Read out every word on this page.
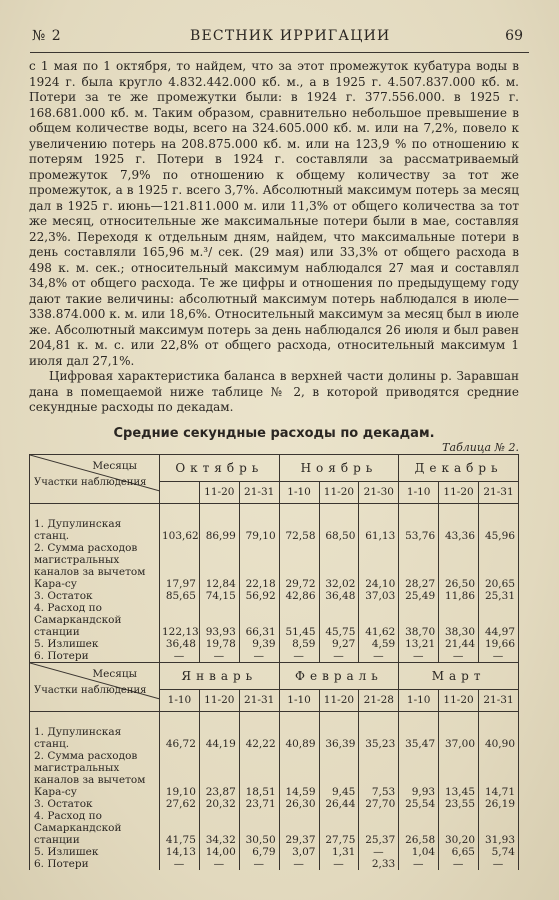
№ 2	ВЕСТНИК ИРРИГАЦИИ	69

с 1 мая по 1 октября, то найдем, что за этот промежуток кубатура воды в 1924 г. была кругло 4.832.442.000 кб. м., а в 1925 г. 4.507.837.000 кб. м. Потери за те же промежутки были: в 1924 г. 377.556.000. в 1925 г. 168.681.000 кб. м. Таким образом, сравнительно небольшое превышение в общем количестве воды, всего на 324.605.000 кб. м. или на 7,2%, повело к увеличению потерь на 208.875.000 кб. м. или на 123,9 % по отношению к потерям 1925 г. Потери в 1924 г. составляли за рассматриваемый промежуток 7,9% по отношению к общему количеству за тот же промежуток, а в 1925 г. всего 3,7%. Абсолютный максимум потерь за месяц дал в 1925 г. июнь—121.811.000 м. или 11,3% от общего количества за тот же месяц, относительные же максимальные потери были в мае, составляя 22,3%. Переходя к отдельным дням, найдем, что максимальные потери в день составляли 165,96 м.³/ сек. (29 мая) или 33,3% от общего расхода в 498 к. м. сек.; относительный максимум наблюдался 27 мая и составлял 34,8% от общего расхода. Те же цифры и отношения по предыдущему году дают такие величины: абсолютный максимум потерь наблюдался в июле—338.874.000 к. м. или 18,6%. Относительный максимум за месяц был в июле же. Абсолютный максимум потерь за день наблюдался 26 июля и был равен 204,81 к. м. с. или 22,8% от общего расхода, относительный максимум 1 июля дал 27,1%.

Цифровая характеристика баланса в верхней части долины р. Заравшан дана в помещаемой ниже таблице № 2, в которой приводятся средние секундные расходы по декадам.

Средние секундные расходы по декадам.
Таблица № 2.
Месяцы
Участки наблюдения	Октябрь			Ноябрь			Декабрь		
		11-20	21-31	1-10	11-20	21-30	1-10	11-20	21-31

1. Дупулинская станц.	103,62	86,99	79,10	72,58	68,50	61,13	53,76	43,36	45,96
2. Сумма расходов магистральных каналов за вычетом Кара-су	17,97	12,84	22,18	29,72	32,02	24,10	28,27	26,50	20,65
3. Остаток	85,65	74,15	56,92	42,86	36,48	37,03	25,49	11,86	25,31
4. Расход по Самаркандской станции	122,13	93,93	66,31	51,45	45,75	41,62	38,70	38,30	44,97
5. Излишек	36,48	19,78	9,39	8,59	9,27	4,59	13,21	21,44	19,66
6. Потери	—	—	—	—	—	—	—	—	—

Месяцы
Участки наблюдения	Январь			Февраль			Март		
	1-10	11-20	21-31	1-10	11-20	21-28	1-10	11-20	21-31

1. Дупулинская станц.	46,72	44,19	42,22	40,89	36,39	35,23	35,47	37,00	40,90
2. Сумма расходов магистральных каналов за вычетом Кара-су	19,10	23,87	18,51	14,59	9,45	7,53	9,93	13,45	14,71
3. Остаток	27,62	20,32	23,71	26,30	26,44	27,70	25,54	23,55	26,19
4. Расход по Самаркандской станции	41,75	34,32	30,50	29,37	27,75	25,37	26,58	30,20	31,93
5. Излишек	14,13	14,00	6,79	3,07	1,31	—	1,04	6,65	5,74
6. Потери	—	—	—	—	—	2,33	—	—	—
